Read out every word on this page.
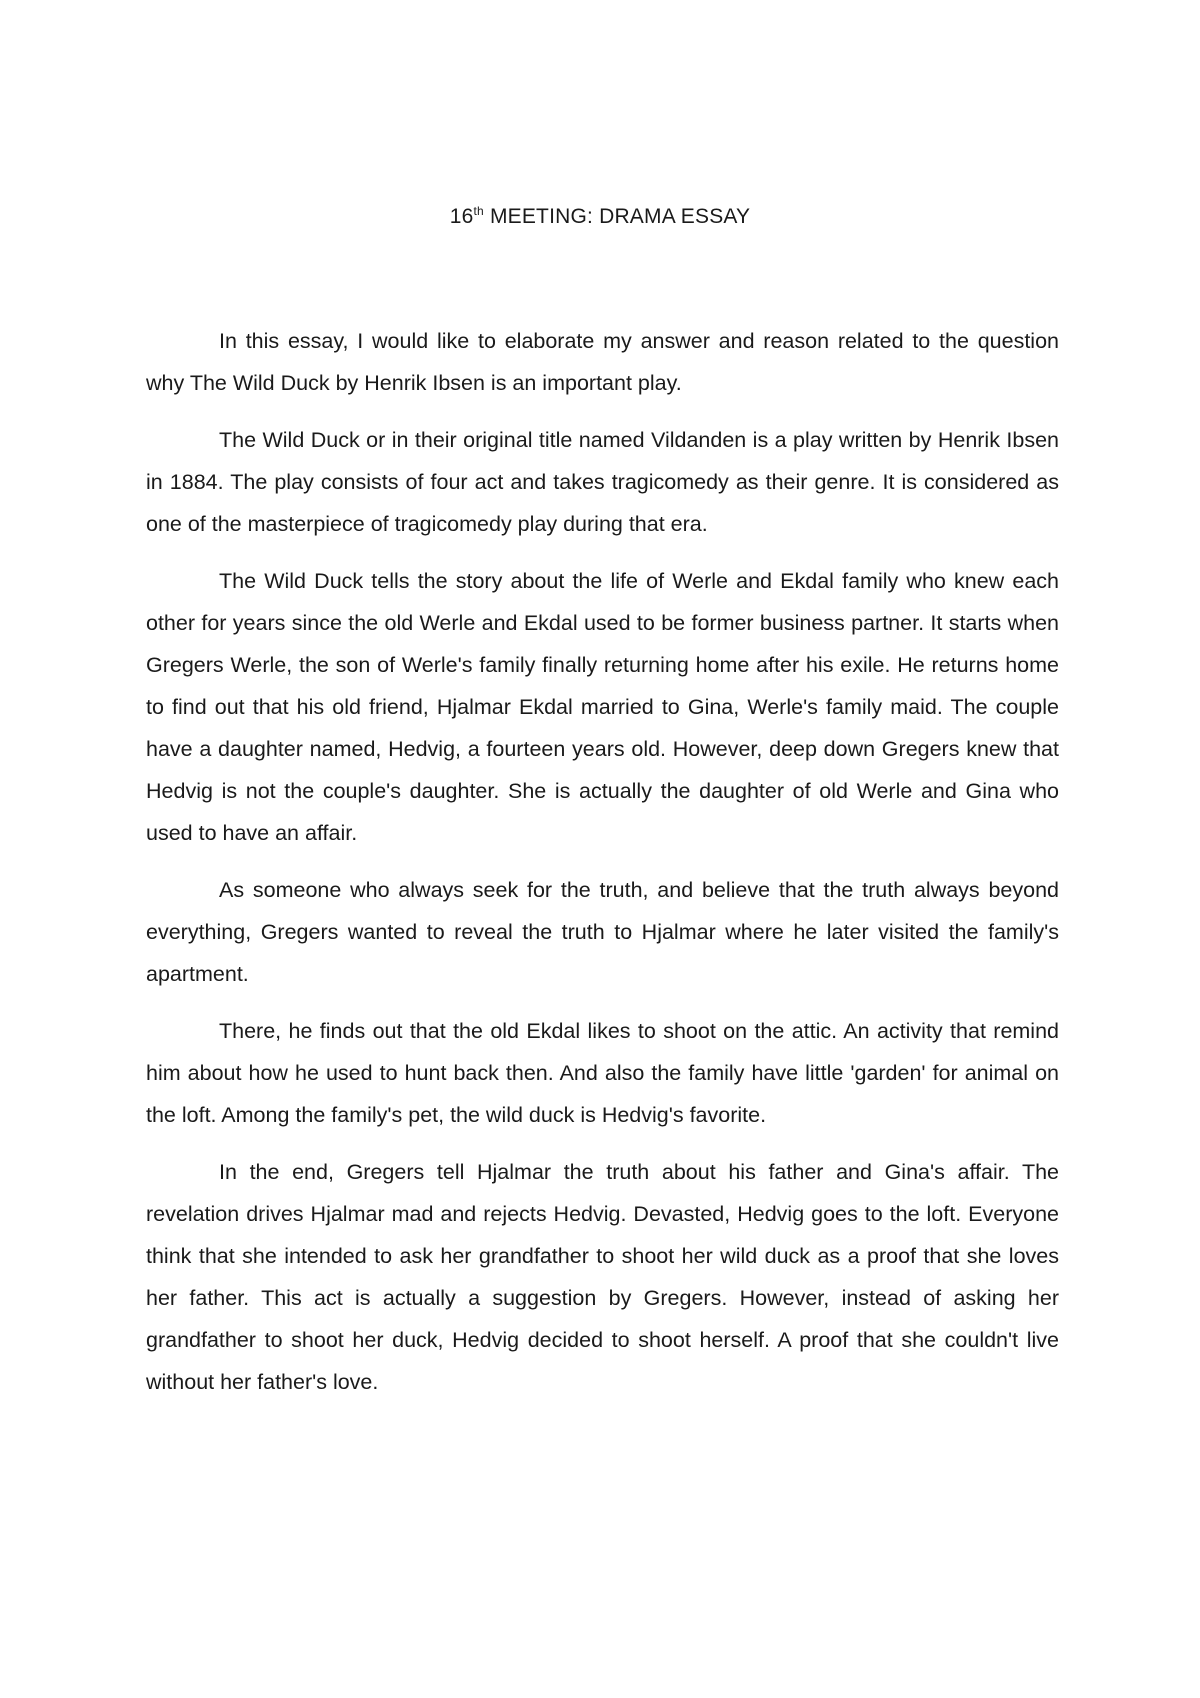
16th MEETING: DRAMA ESSAY

In this essay, I would like to elaborate my answer and reason related to the question why The Wild Duck by Henrik Ibsen is an important play.

The Wild Duck or in their original title named Vildanden is a play written by Henrik Ibsen in 1884. The play consists of four act and takes tragicomedy as their genre. It is considered as one of the masterpiece of tragicomedy play during that era.

The Wild Duck tells the story about the life of Werle and Ekdal family who knew each other for years since the old Werle and Ekdal used to be former business partner. It starts when Gregers Werle, the son of Werle's family finally returning home after his exile. He returns home to find out that his old friend, Hjalmar Ekdal married to Gina, Werle's family maid. The couple have a daughter named, Hedvig, a fourteen years old. However, deep down Gregers knew that Hedvig is not the couple's daughter. She is actually the daughter of old Werle and Gina who used to have an affair.

As someone who always seek for the truth, and believe that the truth always beyond everything, Gregers wanted to reveal the truth to Hjalmar where he later visited the family's apartment.

There, he finds out that the old Ekdal likes to shoot on the attic. An activity that remind him about how he used to hunt back then. And also the family have little 'garden' for animal on the loft. Among the family's pet, the wild duck is Hedvig's favorite.

In the end, Gregers tell Hjalmar the truth about his father and Gina's affair. The revelation drives Hjalmar mad and rejects Hedvig. Devasted, Hedvig goes to the loft. Everyone think that she intended to ask her grandfather to shoot her wild duck as a proof that she loves her father. This act is actually a suggestion by Gregers. However, instead of asking her grandfather to shoot her duck, Hedvig decided to shoot herself. A proof that she couldn't live without her father's love.
